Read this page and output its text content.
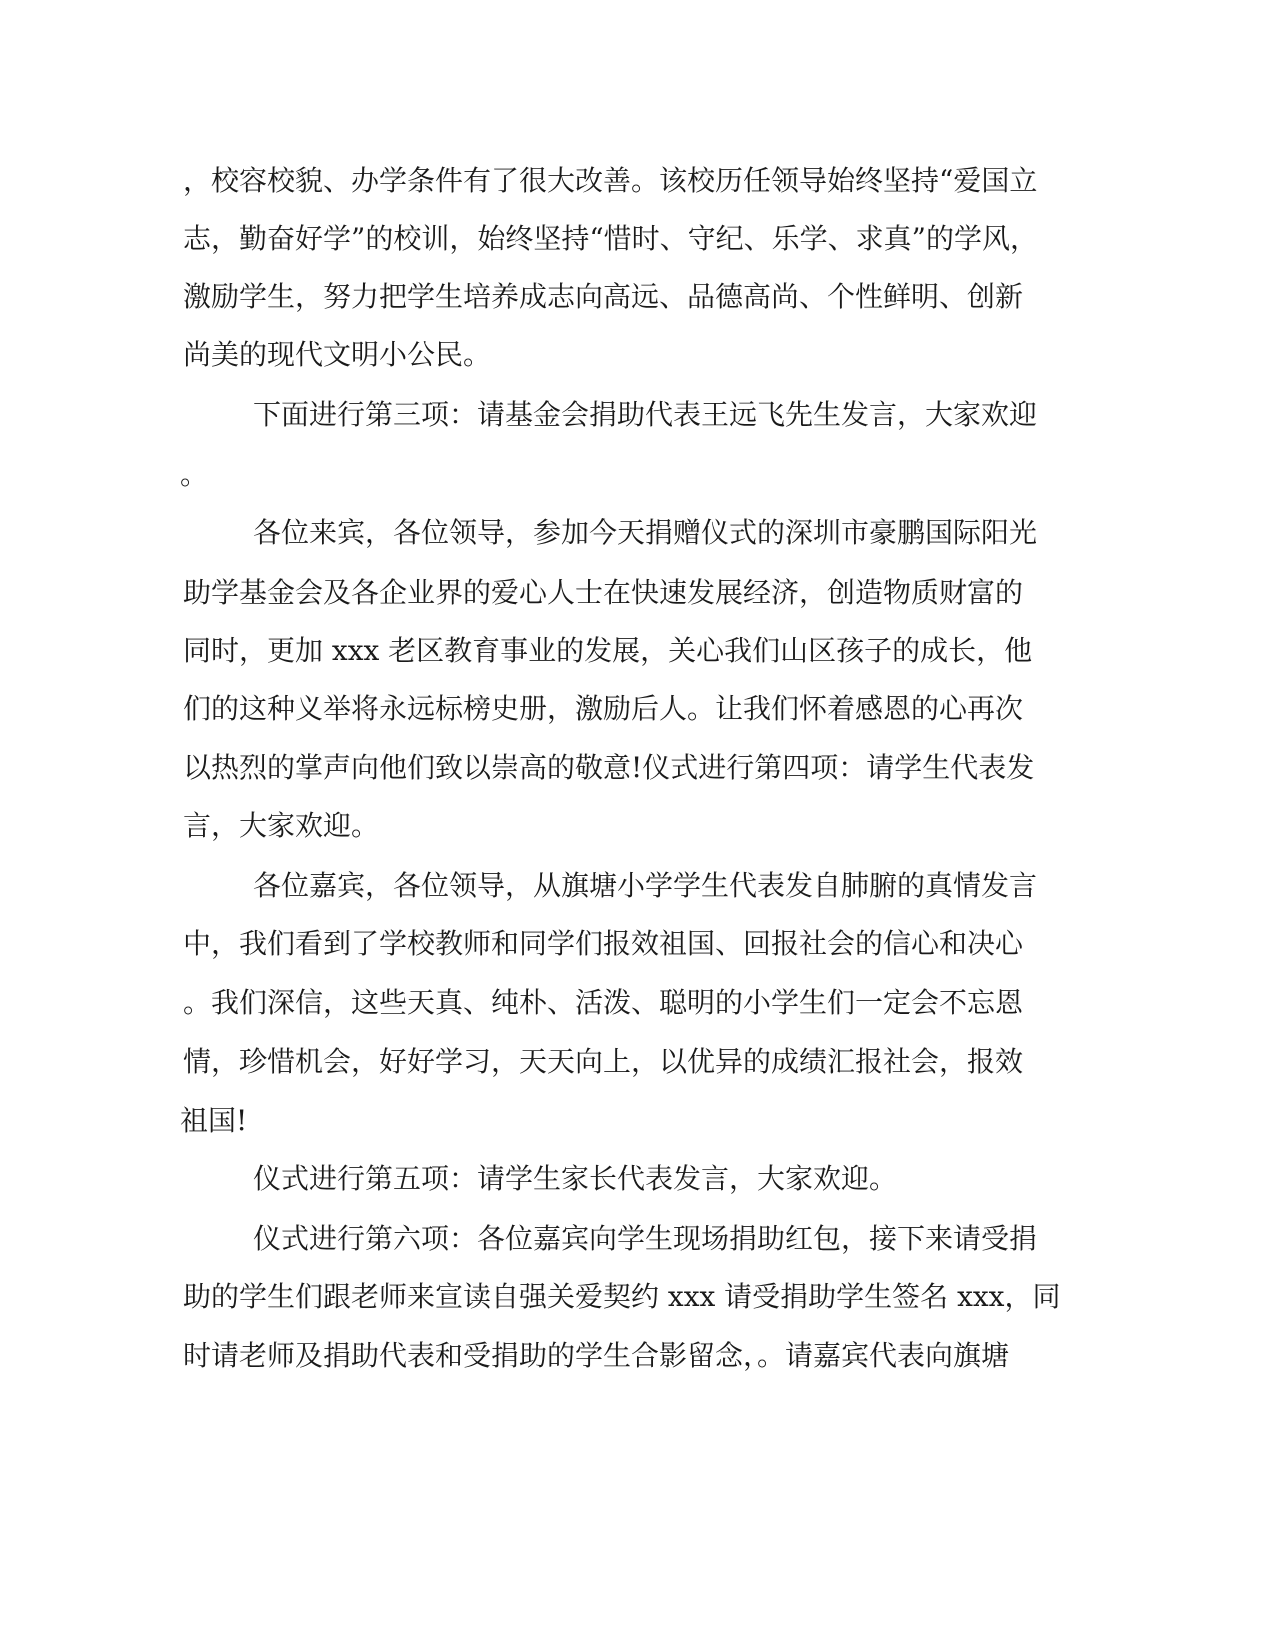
，校容校貌、办学条件有了很大改善。该校历任领导始终坚持“爱国立
志，勤奋好学”的校训，始终坚持“惜时、守纪、乐学、求真”的学风，
激励学生，努力把学生培养成志向高远、品德高尚、个性鲜明、创新
尚美的现代文明小公民。
下面进行第三项：请基金会捐助代表王远飞先生发言，大家欢迎
。
各位来宾，各位领导，参加今天捐赠仪式的深圳市豪鹏国际阳光
助学基金会及各企业界的爱心人士在快速发展经济，创造物质财富的
同时，更加 xxx 老区教育事业的发展，关心我们山区孩子的成长，他
们的这种义举将永远标榜史册，激励后人。让我们怀着感恩的心再次
以热烈的掌声向他们致以崇高的敬意!仪式进行第四项：请学生代表发
言，大家欢迎。
各位嘉宾，各位领导，从旗塘小学学生代表发自肺腑的真情发言
中，我们看到了学校教师和同学们报效祖国、回报社会的信心和决心
。我们深信，这些天真、纯朴、活泼、聪明的小学生们一定会不忘恩
情，珍惜机会，好好学习，天天向上，以优异的成绩汇报社会，报效
祖国!
仪式进行第五项：请学生家长代表发言，大家欢迎。
仪式进行第六项：各位嘉宾向学生现场捐助红包，接下来请受捐
助的学生们跟老师来宣读自强关爱契约 xxx 请受捐助学生签名 xxx，同
时请老师及捐助代表和受捐助的学生合影留念，。请嘉宾代表向旗塘
